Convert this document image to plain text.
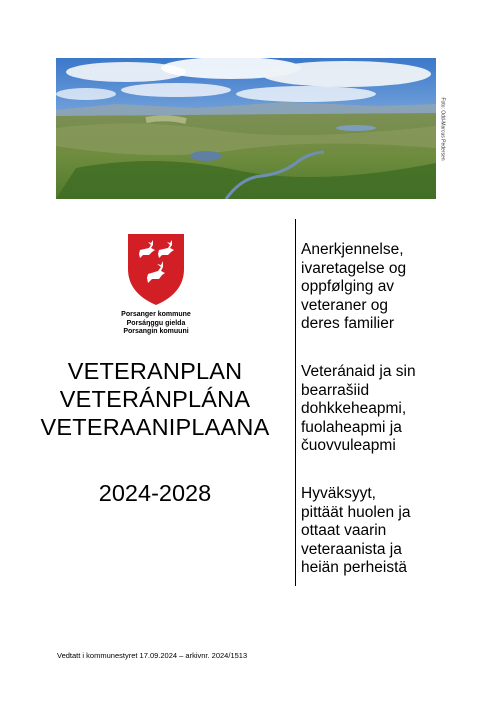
Foto: Odd-Marcus Pedersen
Porsanger kommune
Porsáŋggu gielda
Porsangin komuuni
VETERANPLAN
VETERÁNPLÁNA
VETERAANIPLAANA
2024-2028
Anerkjennelse,
ivaretagelse og
oppfølging av
veteraner og
deres familier
Veteránaid ja sin
bearrašiid
dohkkeheapmi,
fuolaheapmi ja
čuovvuleapmi
Hyväksyyt,
pittäät huolen ja
ottaat vaarin
veteraanista ja
heiän perheistä
Vedtatt i kommunestyret 17.09.2024 – arkivnr. 2024/1513
